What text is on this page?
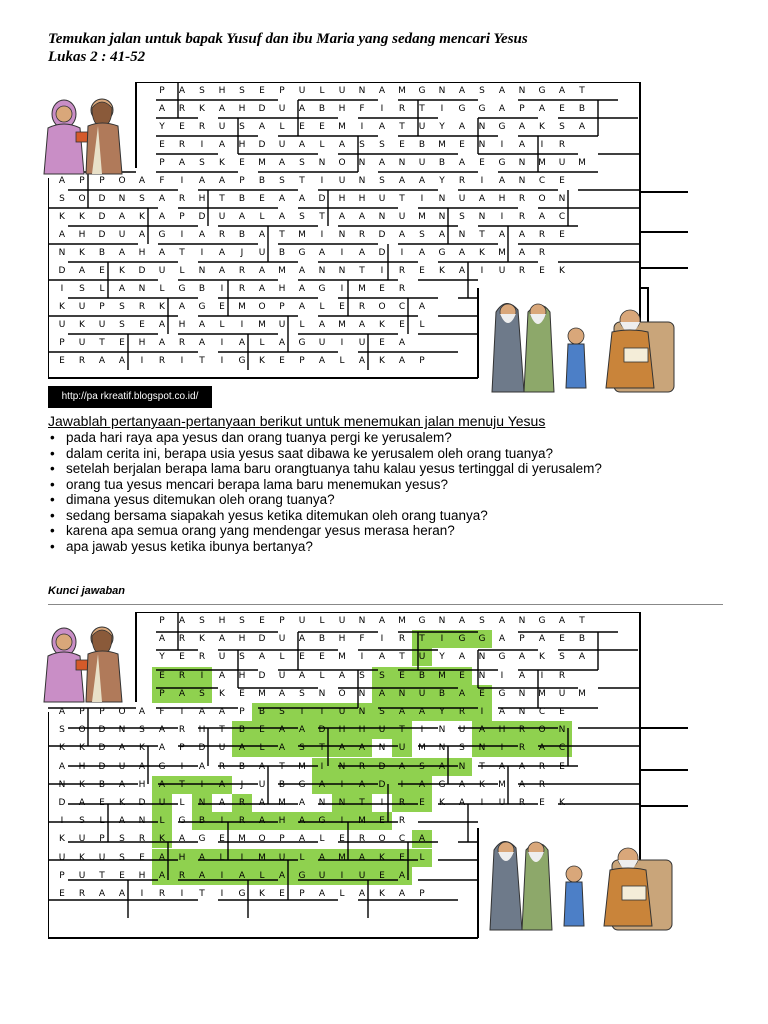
Temukan jalan untuk bapak Yusuf dan ibu Maria yang sedang mencari Yesus
Lukas 2 : 41-52
P	A	S	H	S	E	P	U	L	U	N	A	M	G	N	A	S	A	N	G	A	T
A	R	K	A	H	D	U	A	B	H	F	I	R	T	I	G	G	A	P	A	E	B
Y	E	R	U	S	A	L	E	E	M	I	A	T	U	Y	A	N	G	A	K	S	A
E	R	I	A	H	D	U	A	L	A	S	S	E	B	M	E	N	I	A	I	R
P	A	S	K	E	M	A	S	N	O	N	A	N	U	B	A	E	G	N	M	U	M
A	P	P	O	A	F	I	A	A	P	B	S	T	I	U	N	S	A	A	Y	R	I	A	N	C	E
S	O	D	N	S	A	R	H	T	B	E	A	A	D	H	H	U	T	I	N	U	A	H	R	O	N
K	K	D	A	K	A	P	D	U	A	L	A	S	T	A	A	N	U	M	N	S	N	I	R	A	C
A	H	D	U	A	G	I	A	R	B	A	T	M	I	N	R	D	A	S	A	N	T	A	A	R	E
N	K	B	A	H	A	T	I	A	J	U	B	G	A	I	A	D	I	A	G	A	K	M	A	R
D	A	E	K	D	U	L	N	A	R	A	M	A	N	N	T	I	R	E	K	A	I	U	R	E	K
I	S	L	A	N	L	G	B	I	R	A	H	A	G	I	M	E	R
K	U	P	S	R	K	A	G	E	M	O	P	A	L	E	R	O	C	A
U	K	U	S	E	A	H	A	L	I	M	U	L	A	M	A	K	E	L
P	U	T	E	H	A	R	A	I	A	L	A	G	U	I	U	E	A
E	R	A	A	I	R	I	T	I	G	K	E	P	A	L	A	K	A	P
http://pa rkreatif.blogspot.co.id/
Jawablah pertanyaan-pertanyaan berikut untuk menemukan jalan menuju Yesus
• pada hari raya apa yesus dan orang tuanya pergi ke yerusalem?
• dalam cerita ini, berapa usia yesus saat dibawa ke yerusalem oleh orang tuanya?
• setelah berjalan berapa lama baru orangtuanya tahu kalau yesus tertinggal di yerusalem?
• orang tua yesus mencari berapa lama baru menemukan yesus?
• dimana yesus ditemukan oleh orang tuanya?
• sedang bersama siapakah yesus ketika ditemukan oleh orang tuanya?
• karena apa semua orang yang mendengar yesus merasa heran?
• apa jawab yesus ketika ibunya bertanya?
Kunci jawaban
P	A	S	H	S	E	P	U	L	U	N	A	M	G	N	A	S	A	N	G	A	T
A	R	K	A	H	D	U	A	B	H	F	I	R	T	I	G	G	A	P	A	E	B
Y	E	R	U	S	A	L	E	E	M	I	A	T	U	Y	A	N	G	A	K	S	A
E	R	I	A	H	D	U	A	L	A	S	S	E	B	M	E	N	I	A	I	R
P	A	S	K	E	M	A	S	N	O	N	A	N	U	B	A	E	G	N	M	U	M
A	P	P	O	A	F	I	A	A	P	B	S	T	I	U	N	S	A	A	Y	R	I	A	N	C	E
S	O	D	N	S	A	R	H	T	B	E	A	A	D	H	H	U	T	I	N	U	A	H	R	O	N
K	K	D	A	K	A	P	D	U	A	L	A	S	T	A	A	N	U	M	N	S	N	I	R	A	C
A	H	D	U	A	G	I	A	R	B	A	T	M	I	N	R	D	A	S	A	N	T	A	A	R	E
N	K	B	A	H	A	T	I	A	J	U	B	G	A	I	A	D	I	A	G	A	K	M	A	R
D	A	E	K	D	U	L	N	A	R	A	M	A	N	N	T	I	R	E	K	A	I	U	R	E	K
I	S	L	A	N	L	G	B	I	R	A	H	A	G	I	M	E	R
K	U	P	S	R	K	A	G	E	M	O	P	A	L	E	R	O	C	A
U	K	U	S	E	A	H	A	L	I	M	U	L	A	M	A	K	E	L
P	U	T	E	H	A	R	A	I	A	L	A	G	U	I	U	E	A
E	R	A	A	I	R	I	T	I	G	K	E	P	A	L	A	K	A	P
